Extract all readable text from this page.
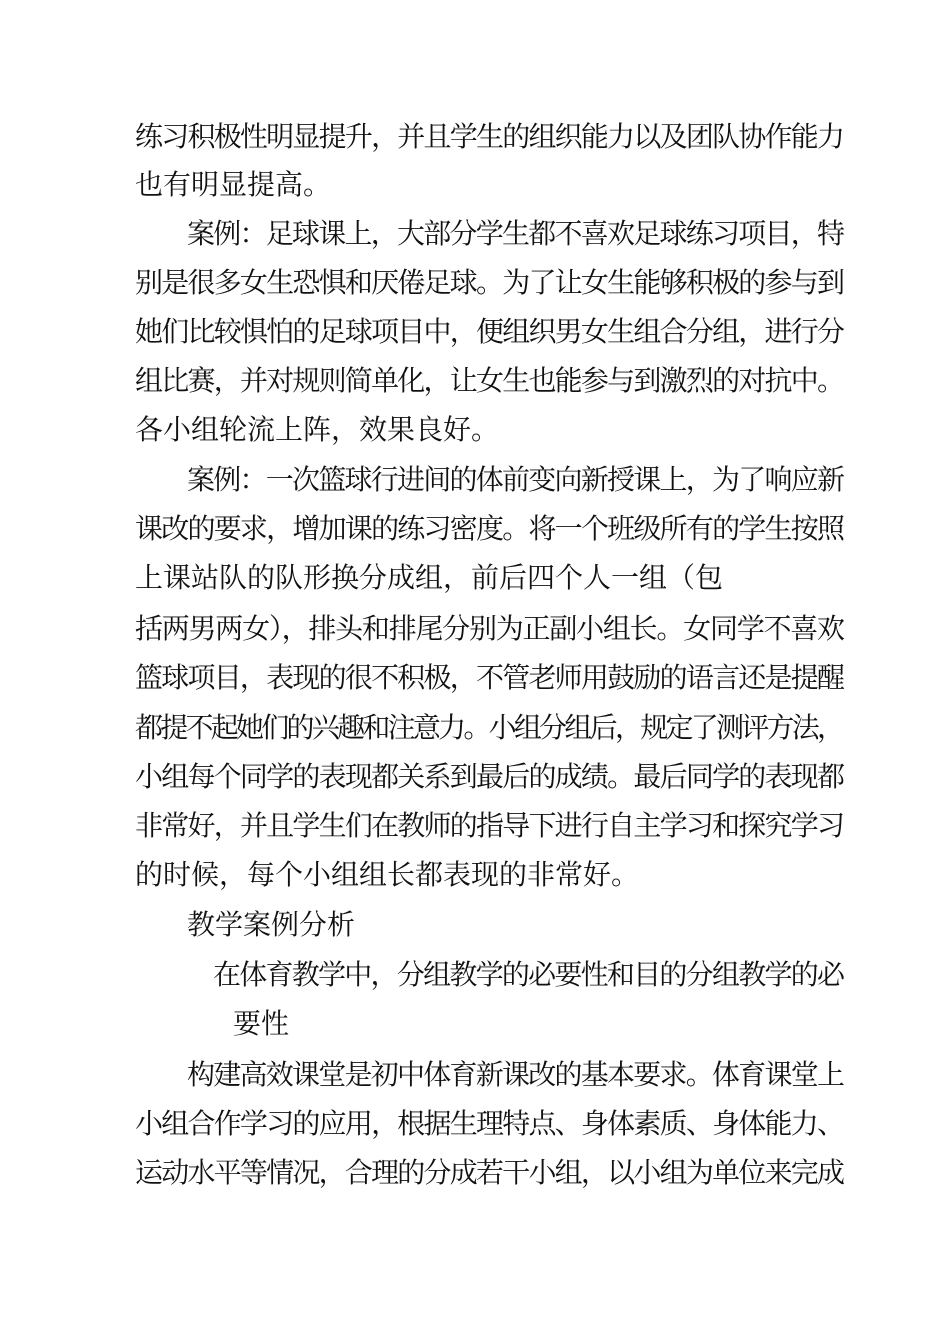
练习积极性明显提升，并且学生的组织能力以及团队协作能力
也有明显提高。
案例：足球课上，大部分学生都不喜欢足球练习项目，特
别是很多女生恐惧和厌倦足球。为了让女生能够积极的参与到
她们比较惧怕的足球项目中，便组织男女生组合分组，进行分
组比赛，并对规则简单化，让女生也能参与到激烈的对抗中。
各小组轮流上阵，效果良好。
案例：一次篮球行进间的体前变向新授课上，为了响应新
课改的要求，增加课的练习密度。将一个班级所有的学生按照
上课站队的队形换分成组，前后四个人一组（包
括两男两女），排头和排尾分别为正副小组长。女同学不喜欢
篮球项目，表现的很不积极，不管老师用鼓励的语言还是提醒
都提不起她们的兴趣和注意力。小组分组后，规定了测评方法，
小组每个同学的表现都关系到最后的成绩。最后同学的表现都
非常好，并且学生们在教师的指导下进行自主学习和探究学习
的时候，每个小组组长都表现的非常好。
教学案例分析
在体育教学中，分组教学的必要性和目的分组教学的必
要性
构建高效课堂是初中体育新课改的基本要求。体育课堂上
小组合作学习的应用，根据生理特点、身体素质、身体能力、
运动水平等情况，合理的分成若干小组，以小组为单位来完成
